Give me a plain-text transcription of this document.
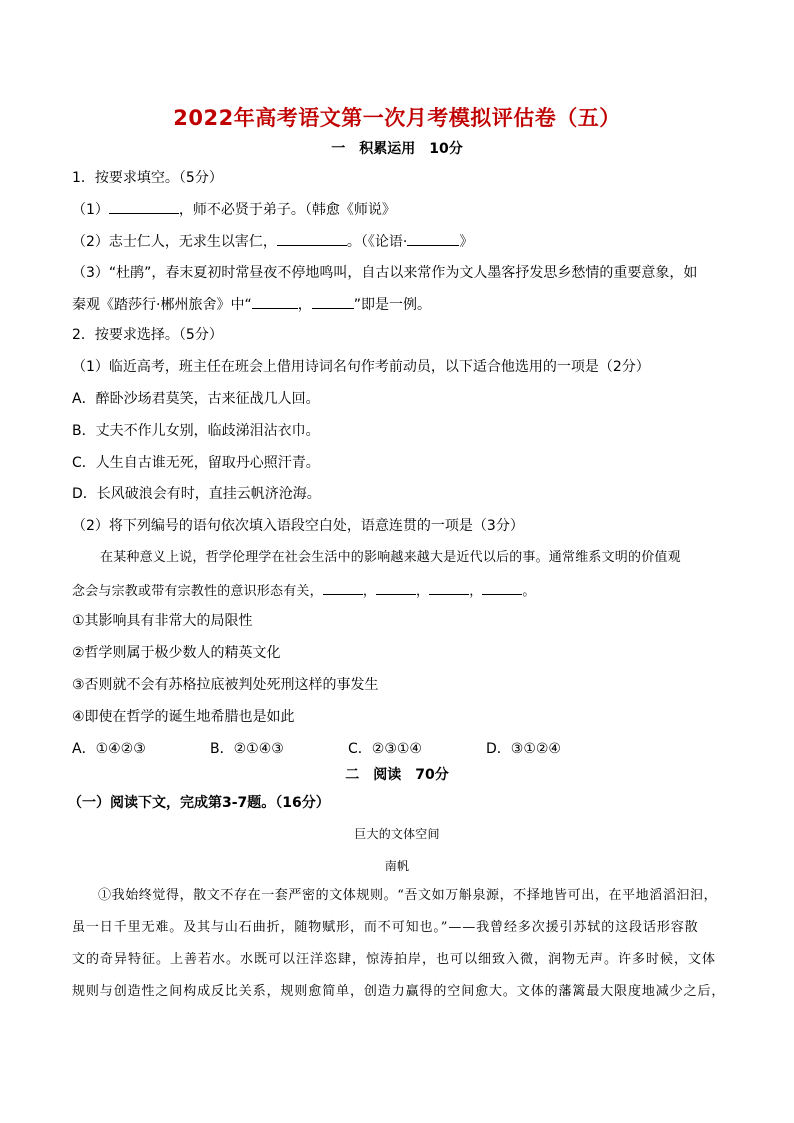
2022年高考语文第一次月考模拟评估卷（五）
一　积累运用　10分
1．按要求填空。（5分）
（1）	，师不必贤于弟子。（韩愈《师说》
（2）志士仁人，无求生以害仁，	。（《论语·	》
（3）“杜鹃”，春末夏初时常昼夜不停地鸣叫，自古以来常作为文人墨客抒发思乡愁情的重要意象，如
秦观《踏莎行·郴州旅舍》中“	，	”即是一例。
2．按要求选择。（5分）
（1）临近高考，班主任在班会上借用诗词名句作考前动员，以下适合他选用的一项是（2分）
A．醉卧沙场君莫笑，古来征战几人回。
B．丈夫不作儿女别，临歧涕泪沾衣巾。
C．人生自古谁无死，留取丹心照汗青。
D．长风破浪会有时，直挂云帆济沧海。
（2）将下列编号的语句依次填入语段空白处，语意连贯的一项是（3分）
在某种意义上说，哲学伦理学在社会生活中的影响越来越大是近代以后的事。通常维系文明的价值观
念会与宗教或带有宗教性的意识形态有关，	，	，	，	。
①其影响具有非常大的局限性
②哲学则属于极少数人的精英文化
③否则就不会有苏格拉底被判处死刑这样的事发生
④即使在哲学的诞生地希腊也是如此
A．①④②③	B．②①④③	C．②③①④	D．③①②④
二　阅读　70分
（一）阅读下文，完成第3-7题。（16分）
巨大的文体空间
南帆
①我始终觉得，散文不存在一套严密的文体规则。“吾文如万斛泉源，不择地皆可出，在平地滔滔汩汩，
虽一日千里无难。及其与山石曲折，随物赋形，而不可知也。”——我曾经多次援引苏轼的这段话形容散
文的奇异特征。上善若水。水既可以汪洋恣肆，惊涛拍岸，也可以细致入微，润物无声。许多时候，文体
规则与创造性之间构成反比关系，规则愈简单，创造力赢得的空间愈大。文体的藩篱最大限度地减少之后，
